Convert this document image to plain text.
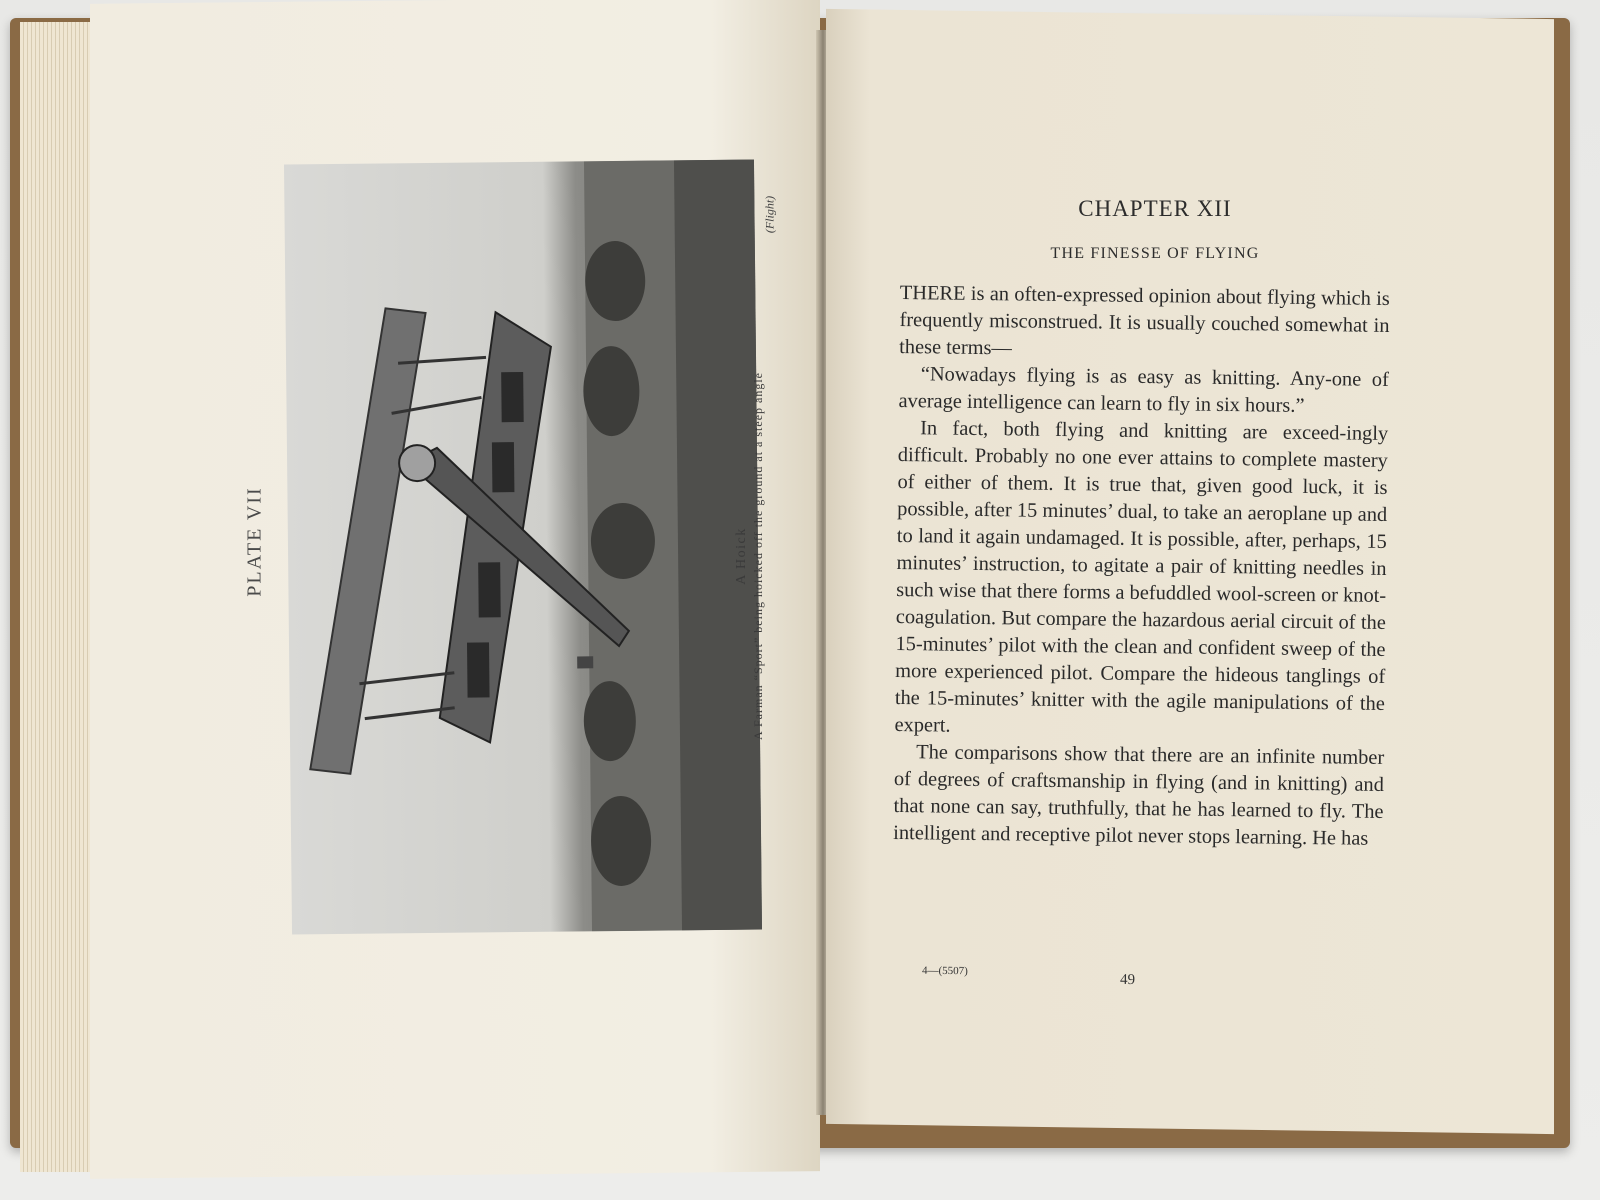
PLATE VII	A Hoick A Farman “Sport” being hoicked off the ground at a steep angle
(Flight)	CHAPTER XII
THE FINESSE OF FLYING

THERE is an often-expressed opinion about flying which is frequently misconstrued. It is usually couched somewhat in these terms—

“Nowadays flying is as easy as knitting. Any-one of average intelligence can learn to fly in six hours.”

In fact, both flying and knitting are exceed-ingly difficult. Probably no one ever attains to complete mastery of either of them. It is true that, given good luck, it is possible, after 15 minutes’ dual, to take an aeroplane up and to land it again undamaged. It is possible, after, perhaps, 15 minutes’ instruction, to agitate a pair of knitting needles in such wise that there forms a befuddled wool-screen or knot-coagulation. But compare the hazardous aerial circuit of the 15-minutes’ pilot with the clean and confident sweep of the more experienced pilot. Compare the hideous tanglings of the 15-minutes’ knitter with the agile manipulations of the expert.

The comparisons show that there are an infinite number of degrees of craftsmanship in flying (and in knitting) and that none can say, truthfully, that he has learned to fly. The intelligent and receptive pilot never stops learning. He has

4—(5507)
49
